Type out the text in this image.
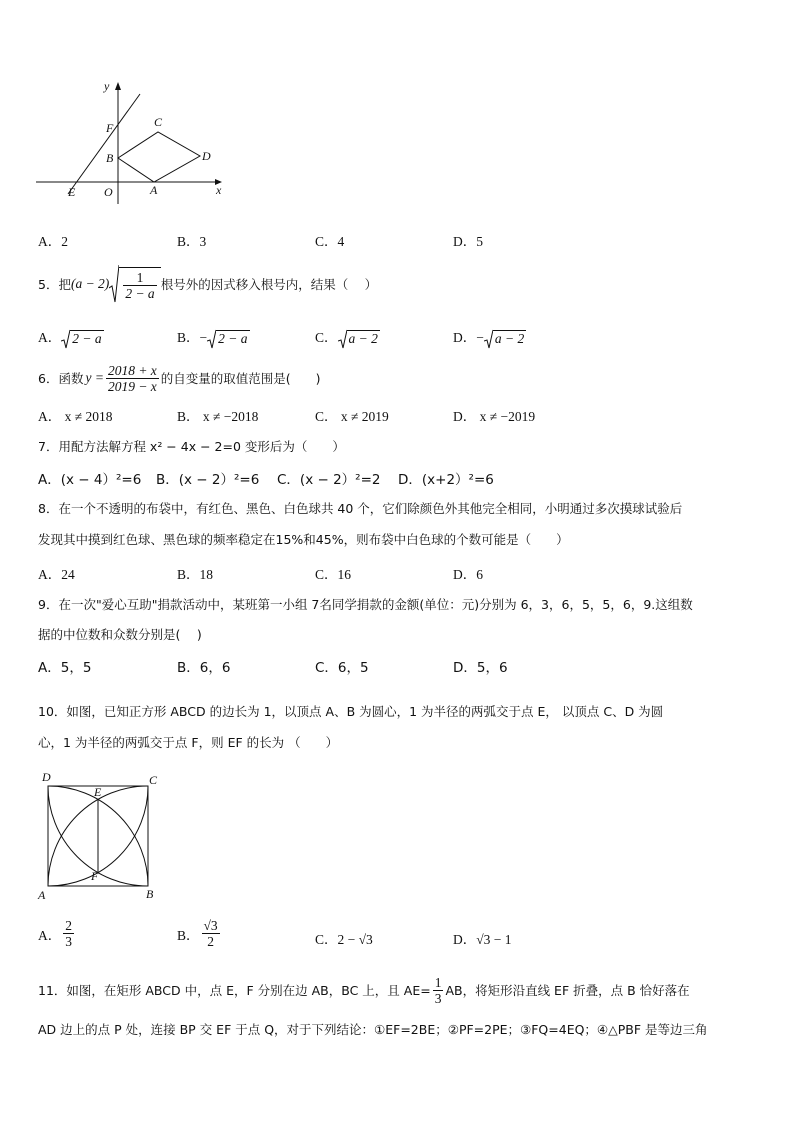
y
x
F	C
B	D
E O	A
A．2	B．3	C．4	D．5
5．把 $(a - 2) \frac{1}{2 - a}$ 根号外的因式移入根号内，结果（　 ）
A． 2 − a	B．− 2 − a	C． a − 2	D．− a − 2
6．函数 $y = \frac{2018 + x}{2019 - x}$ 的自变量的取值范围是(　　)
A． x ≠ 2018	B． x ≠ −2018	C． x ≠ 2019	D． x ≠ −2019
7．用配方法解方程 x² − 4x − 2=0 变形后为（　　）
A．(x − 4）²=6 B．(x − 2）²=6 C．(x − 2）²=2 D．(x+2）²=6
8．在一个不透明的布袋中，有红色、黑色、白色球共 40 个，它们除颜色外其他完全相同，小明通过多次摸球试验后
发现其中摸到红色球、黑色球的频率稳定在15%和45%，则布袋中白色球的个数可能是（　　）
A．24	B．18	C．16	D．6
9．在一次"爱心互助"捐款活动中，某班第一小组 7名同学捐款的金额(单位：元)分别为 6，3，6，5，5，6，9.这组数
据的中位数和众数分别是(　 )
A．5，5	B．6，6	C．6，5	D．5，6
10．如图，已知正方形 ABCD 的边长为 1，以顶点 A、B 为圆心，1 为半径的两弧交于点 E， 以顶点 C、D 为圆
心，1 为半径的两弧交于点 F，则 EF 的长为 （　　）
D	C
E
F
A	B
A． $\frac{2}{3}$	B． $\frac{√3}{2}$	C．2 − √3	D．√3 − 1
11．如图，在矩形 ABCD 中，点 E，F 分别在边 AB，BC 上，且 $AE= \frac{1}{3}$ AB，将矩形沿直线 EF 折叠，点 B 恰好落在
AD 边上的点 P 处，连接 BP 交 EF 于点 Q，对于下列结论：①EF=2BE；②PF=2PE；③FQ=4EQ；④△PBF 是等边三角
